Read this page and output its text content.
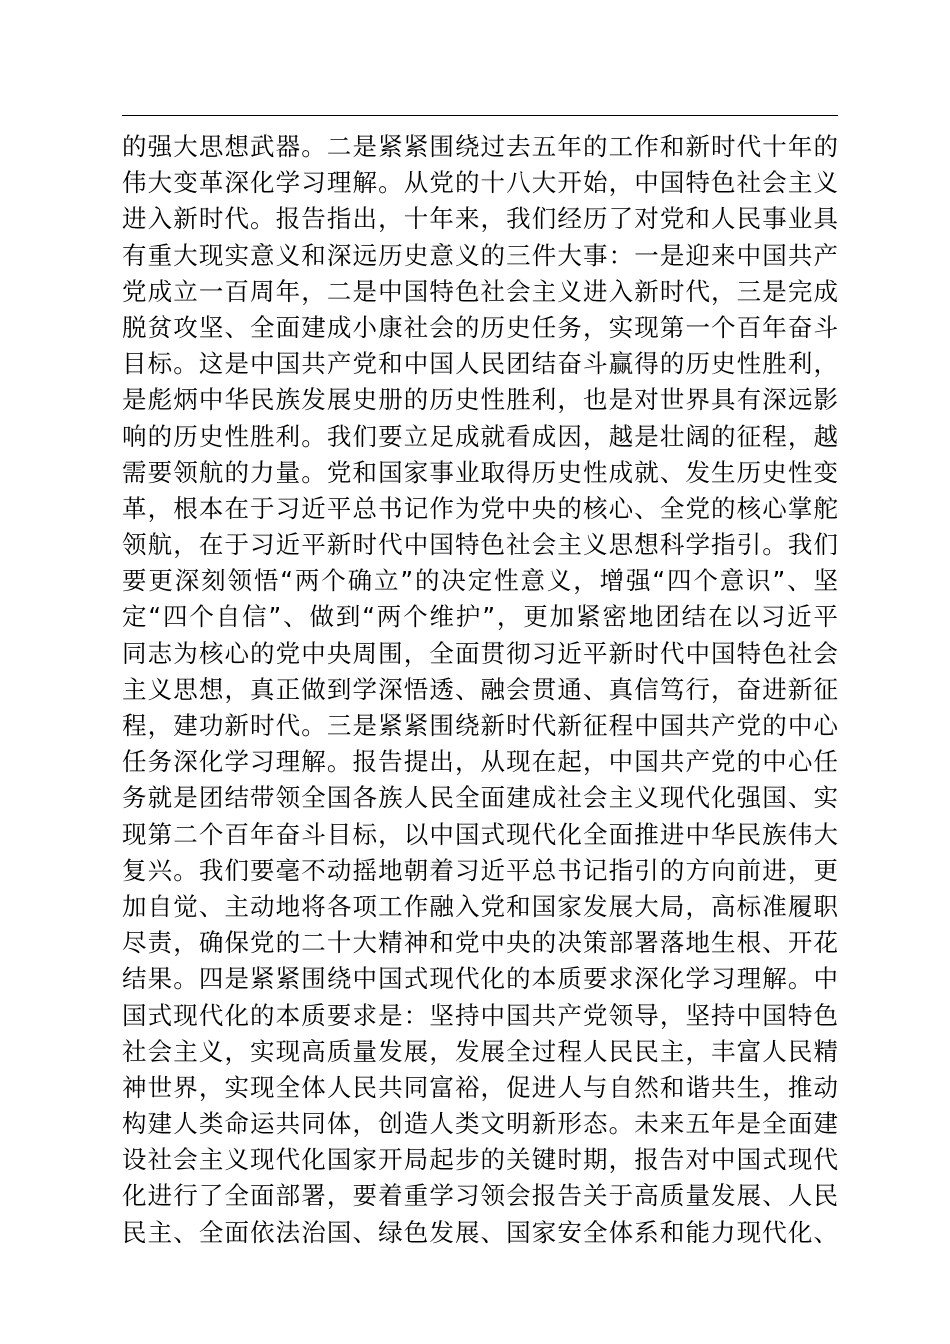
的强大思想武器。二是紧紧围绕过去五年的工作和新时代十年的
伟大变革深化学习理解。从党的十八大开始，中国特色社会主义
进入新时代。报告指出，十年来，我们经历了对党和人民事业具
有重大现实意义和深远历史意义的三件大事：一是迎来中国共产
党成立一百周年，二是中国特色社会主义进入新时代，三是完成
脱贫攻坚、全面建成小康社会的历史任务，实现第一个百年奋斗
目标。这是中国共产党和中国人民团结奋斗赢得的历史性胜利，
是彪炳中华民族发展史册的历史性胜利，也是对世界具有深远影
响的历史性胜利。我们要立足成就看成因，越是壮阔的征程，越
需要领航的力量。党和国家事业取得历史性成就、发生历史性变
革，根本在于习近平总书记作为党中央的核心、全党的核心掌舵
领航，在于习近平新时代中国特色社会主义思想科学指引。我们
要更深刻领悟“两个确立”的决定性意义，增强“四个意识”、坚
定“四个自信”、做到“两个维护”，更加紧密地团结在以习近平
同志为核心的党中央周围，全面贯彻习近平新时代中国特色社会
主义思想，真正做到学深悟透、融会贯通、真信笃行，奋进新征
程，建功新时代。三是紧紧围绕新时代新征程中国共产党的中心
任务深化学习理解。报告提出，从现在起，中国共产党的中心任
务就是团结带领全国各族人民全面建成社会主义现代化强国、实
现第二个百年奋斗目标，以中国式现代化全面推进中华民族伟大
复兴。我们要毫不动摇地朝着习近平总书记指引的方向前进，更
加自觉、主动地将各项工作融入党和国家发展大局，高标准履职
尽责，确保党的二十大精神和党中央的决策部署落地生根、开花
结果。四是紧紧围绕中国式现代化的本质要求深化学习理解。中
国式现代化的本质要求是：坚持中国共产党领导，坚持中国特色
社会主义，实现高质量发展，发展全过程人民民主，丰富人民精
神世界，实现全体人民共同富裕，促进人与自然和谐共生，推动
构建人类命运共同体，创造人类文明新形态。未来五年是全面建
设社会主义现代化国家开局起步的关键时期，报告对中国式现代
化进行了全面部署，要着重学习领会报告关于高质量发展、人民
民主、全面依法治国、绿色发展、国家安全体系和能力现代化、
